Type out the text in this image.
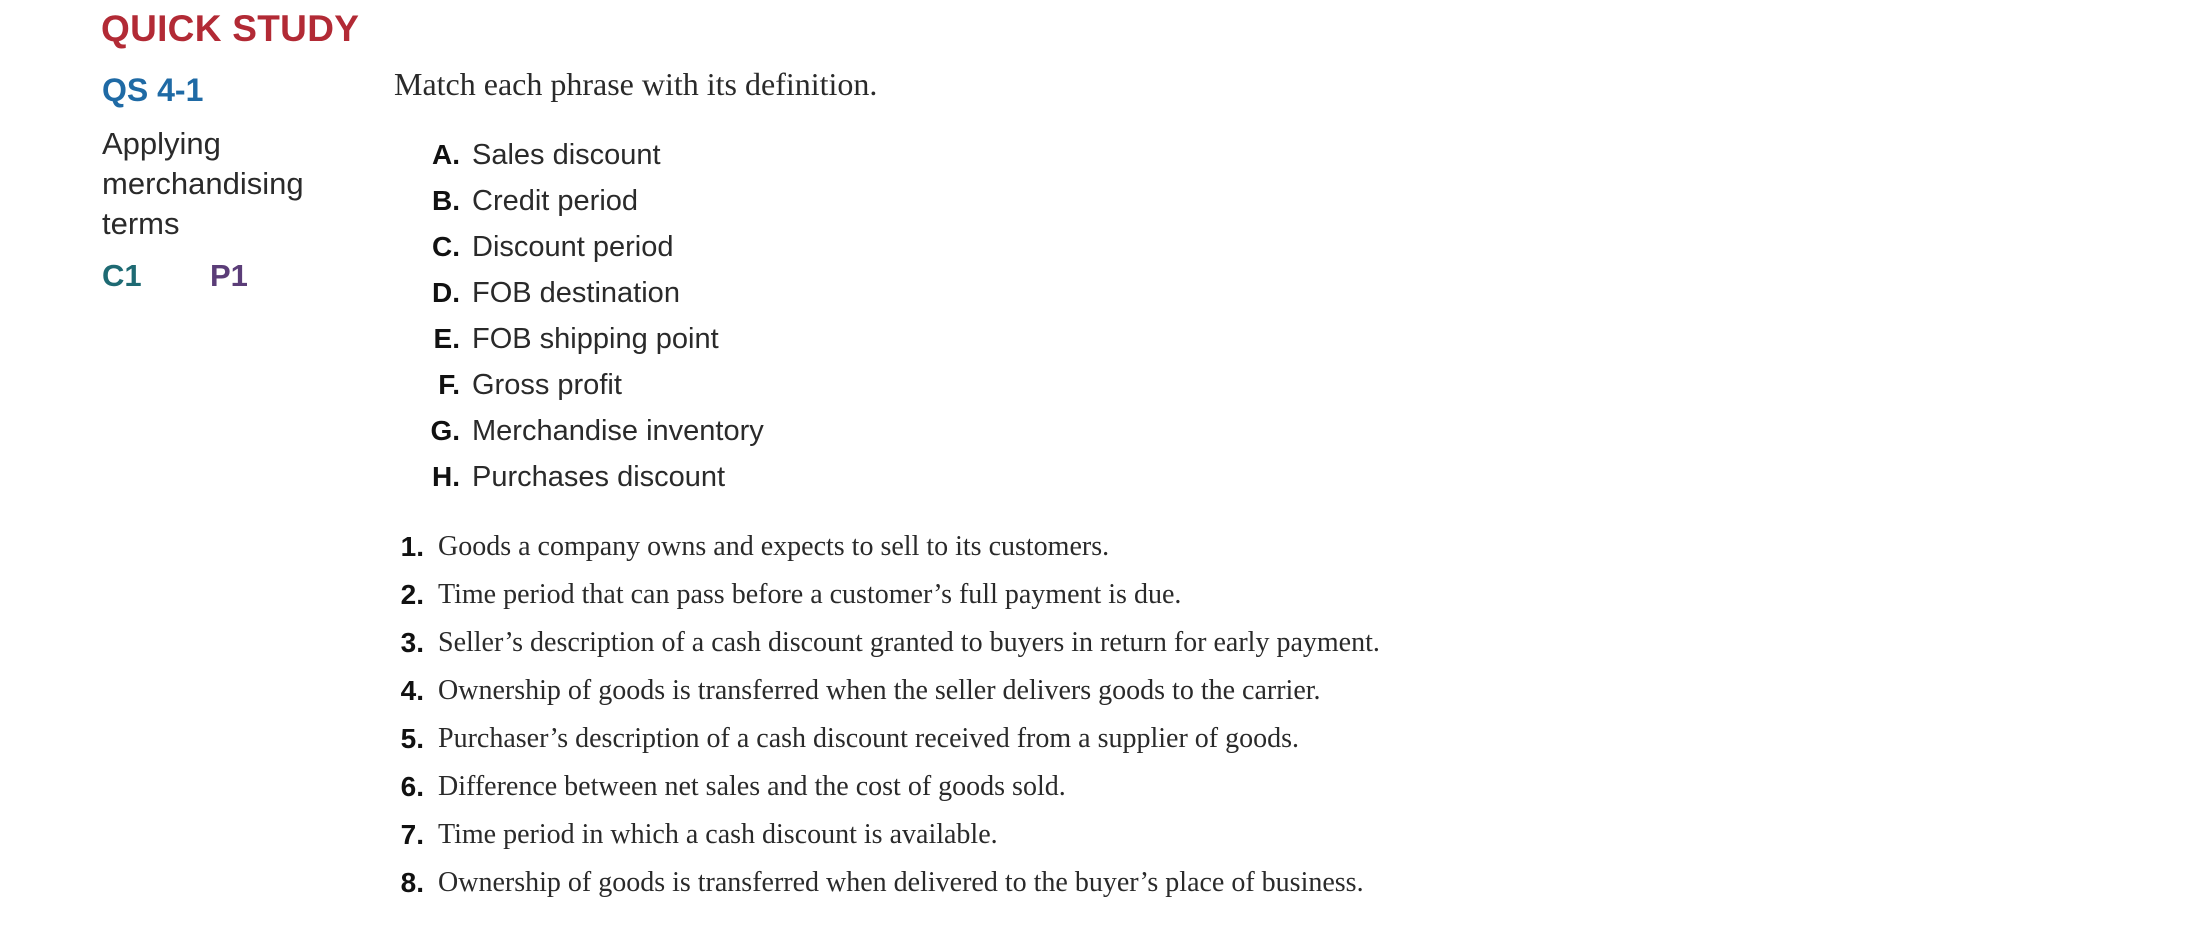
QUICK STUDY
QS 4-1
Applying merchandising terms
C1 P1
Match each phrase with its definition.
A. Sales discount
B. Credit period
C. Discount period
D. FOB destination
E. FOB shipping point
F. Gross profit
G. Merchandise inventory
H. Purchases discount
1. Goods a company owns and expects to sell to its customers.
2. Time period that can pass before a customer’s full payment is due.
3. Seller’s description of a cash discount granted to buyers in return for early payment.
4. Ownership of goods is transferred when the seller delivers goods to the carrier.
5. Purchaser’s description of a cash discount received from a supplier of goods.
6. Difference between net sales and the cost of goods sold.
7. Time period in which a cash discount is available.
8. Ownership of goods is transferred when delivered to the buyer’s place of business.
